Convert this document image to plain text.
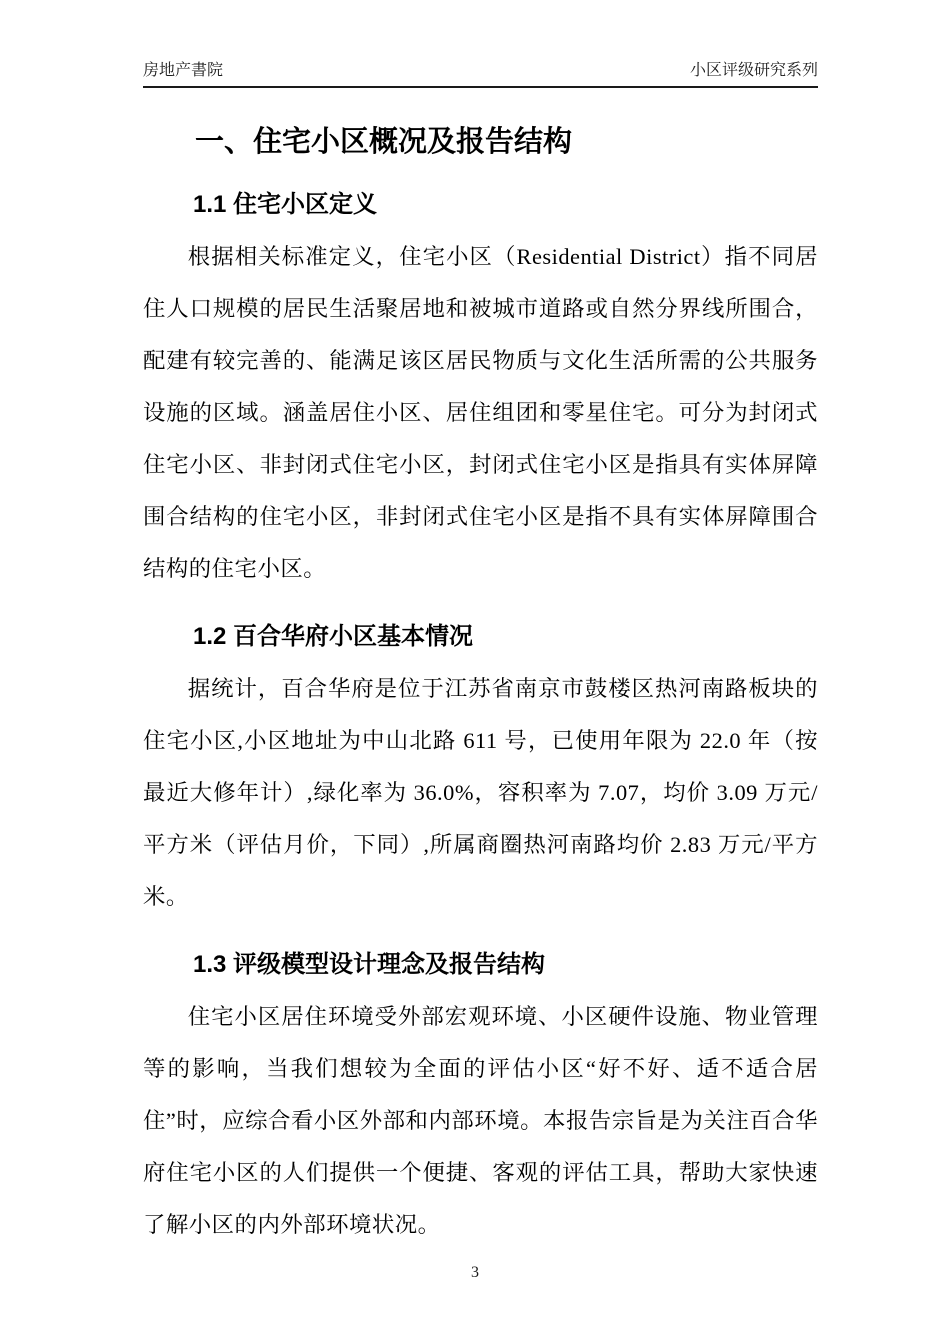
房地产書院	小区评级研究系列
一、住宅小区概况及报告结构
1.1 住宅小区定义

根据相关标准定义，住宅小区（Residential District）指不同居住人口规模的居民生活聚居地和被城市道路或自然分界线所围合，配建有较完善的、能满足该区居民物质与文化生活所需的公共服务设施的区域。涵盖居住小区、居住组团和零星住宅。可分为封闭式住宅小区、非封闭式住宅小区，封闭式住宅小区是指具有实体屏障围合结构的住宅小区，非封闭式住宅小区是指不具有实体屏障围合结构的住宅小区。

1.2 百合华府小区基本情况

据统计，百合华府是位于江苏省南京市鼓楼区热河南路板块的住宅小区,小区地址为中山北路 611 号，已使用年限为 22.0 年（按最近大修年计）,绿化率为 36.0%，容积率为 7.07，均价 3.09 万元/平方米（评估月价，下同）,所属商圈热河南路均价 2.83 万元/平方米。

1.3 评级模型设计理念及报告结构

住宅小区居住环境受外部宏观环境、小区硬件设施、物业管理等的影响，当我们想较为全面的评估小区“好不好、适不适合居住”时，应综合看小区外部和内部环境。本报告宗旨是为关注百合华府住宅小区的人们提供一个便捷、客观的评估工具，帮助大家快速了解小区的内外部环境状况。

3
